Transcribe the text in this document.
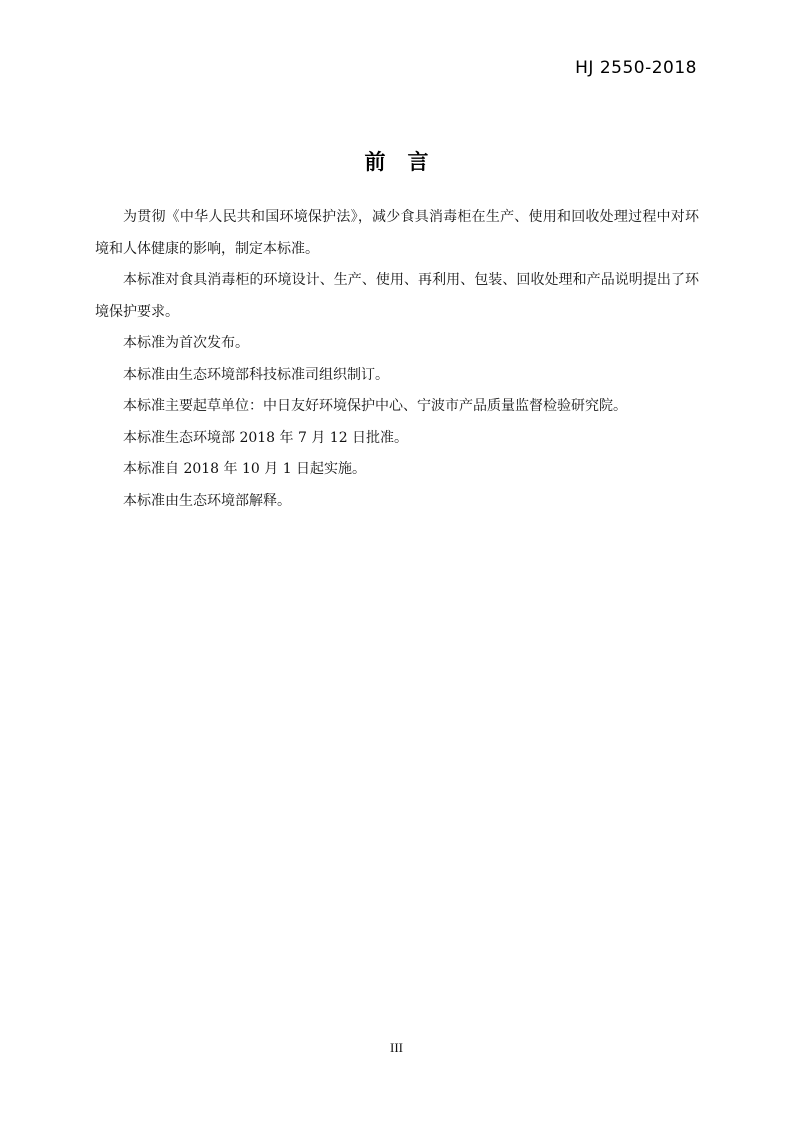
HJ 2550-2018
前言

为贯彻《中华人民共和国环境保护法》，减少食具消毒柜在生产、使用和回收处理过程中对环境和人体健康的影响，制定本标准。

本标准对食具消毒柜的环境设计、生产、使用、再利用、包装、回收处理和产品说明提出了环境保护要求。

本标准为首次发布。

本标准由生态环境部科技标准司组织制订。

本标准主要起草单位：中日友好环境保护中心、宁波市产品质量监督检验研究院。

本标准生态环境部 2018 年 7 月 12 日批准。

本标准自 2018 年 10 月 1 日起实施。

本标准由生态环境部解释。

III
